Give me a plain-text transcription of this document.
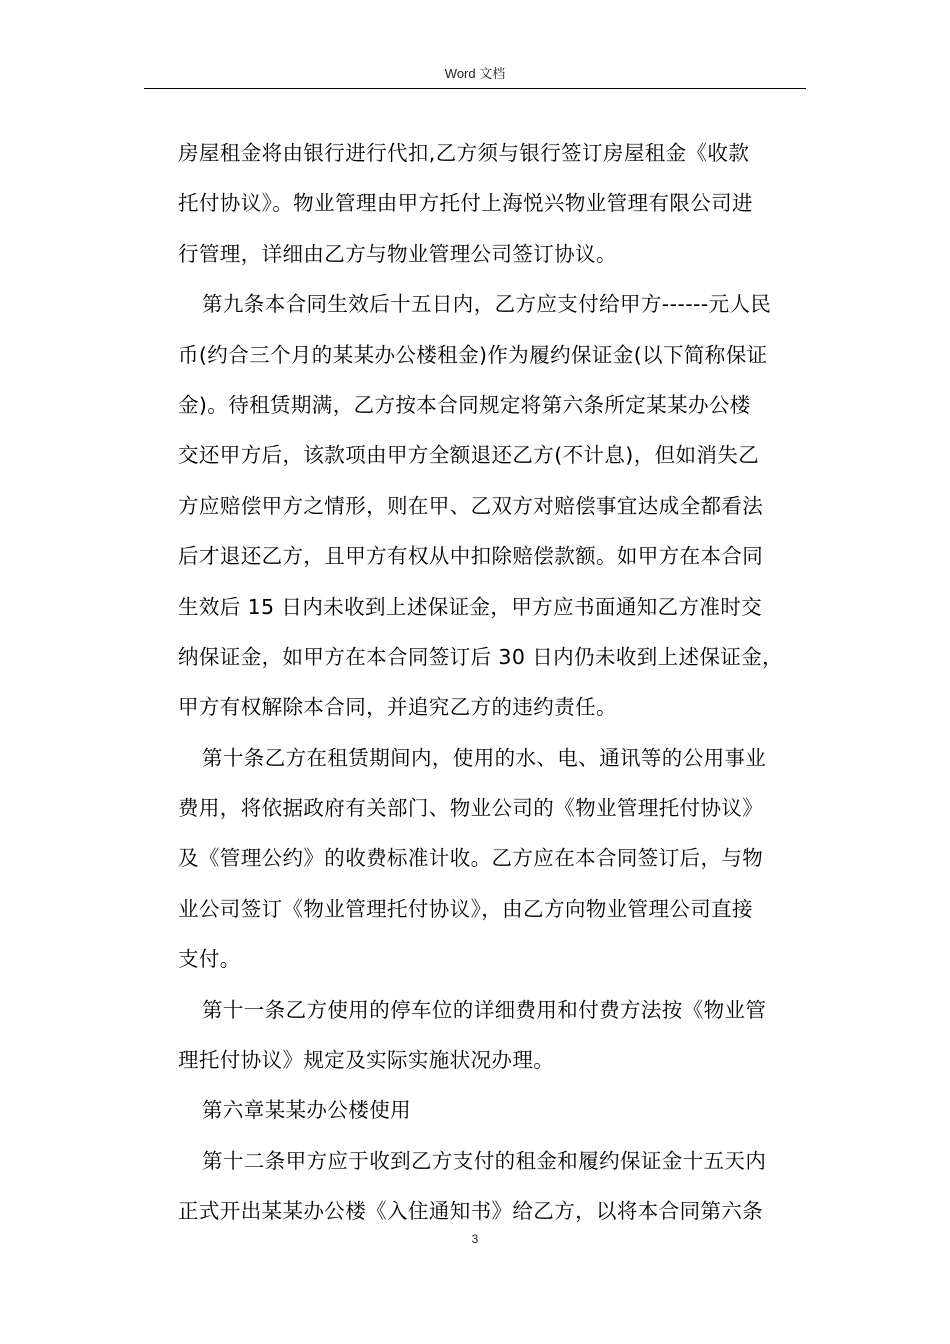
Word 文档
房屋租金将由银行进行代扣,乙方须与银行签订房屋租金《收款
托付协议》。物业管理由甲方托付上海悦兴物业管理有限公司进
行管理，详细由乙方与物业管理公司签订协议。
第九条本合同生效后十五日内，乙方应支付给甲方------元人民
币(约合三个月的某某办公楼租金)作为履约保证金(以下简称保证
金)。待租赁期满，乙方按本合同规定将第六条所定某某办公楼
交还甲方后，该款项由甲方全额退还乙方(不计息)，但如消失乙
方应赔偿甲方之情形，则在甲、乙双方对赔偿事宜达成全都看法
后才退还乙方，且甲方有权从中扣除赔偿款额。如甲方在本合同
生效后 15 日内未收到上述保证金，甲方应书面通知乙方准时交
纳保证金，如甲方在本合同签订后 30 日内仍未收到上述保证金，
甲方有权解除本合同，并追究乙方的违约责任。
第十条乙方在租赁期间内，使用的水、电、通讯等的公用事业
费用，将依据政府有关部门、物业公司的《物业管理托付协议》
及《管理公约》的收费标准计收。乙方应在本合同签订后，与物
业公司签订《物业管理托付协议》，由乙方向物业管理公司直接
支付。
第十一条乙方使用的停车位的详细费用和付费方法按《物业管
理托付协议》规定及实际实施状况办理。
第六章某某办公楼使用
第十二条甲方应于收到乙方支付的租金和履约保证金十五天内
正式开出某某办公楼《入住通知书》给乙方，以将本合同第六条
3
